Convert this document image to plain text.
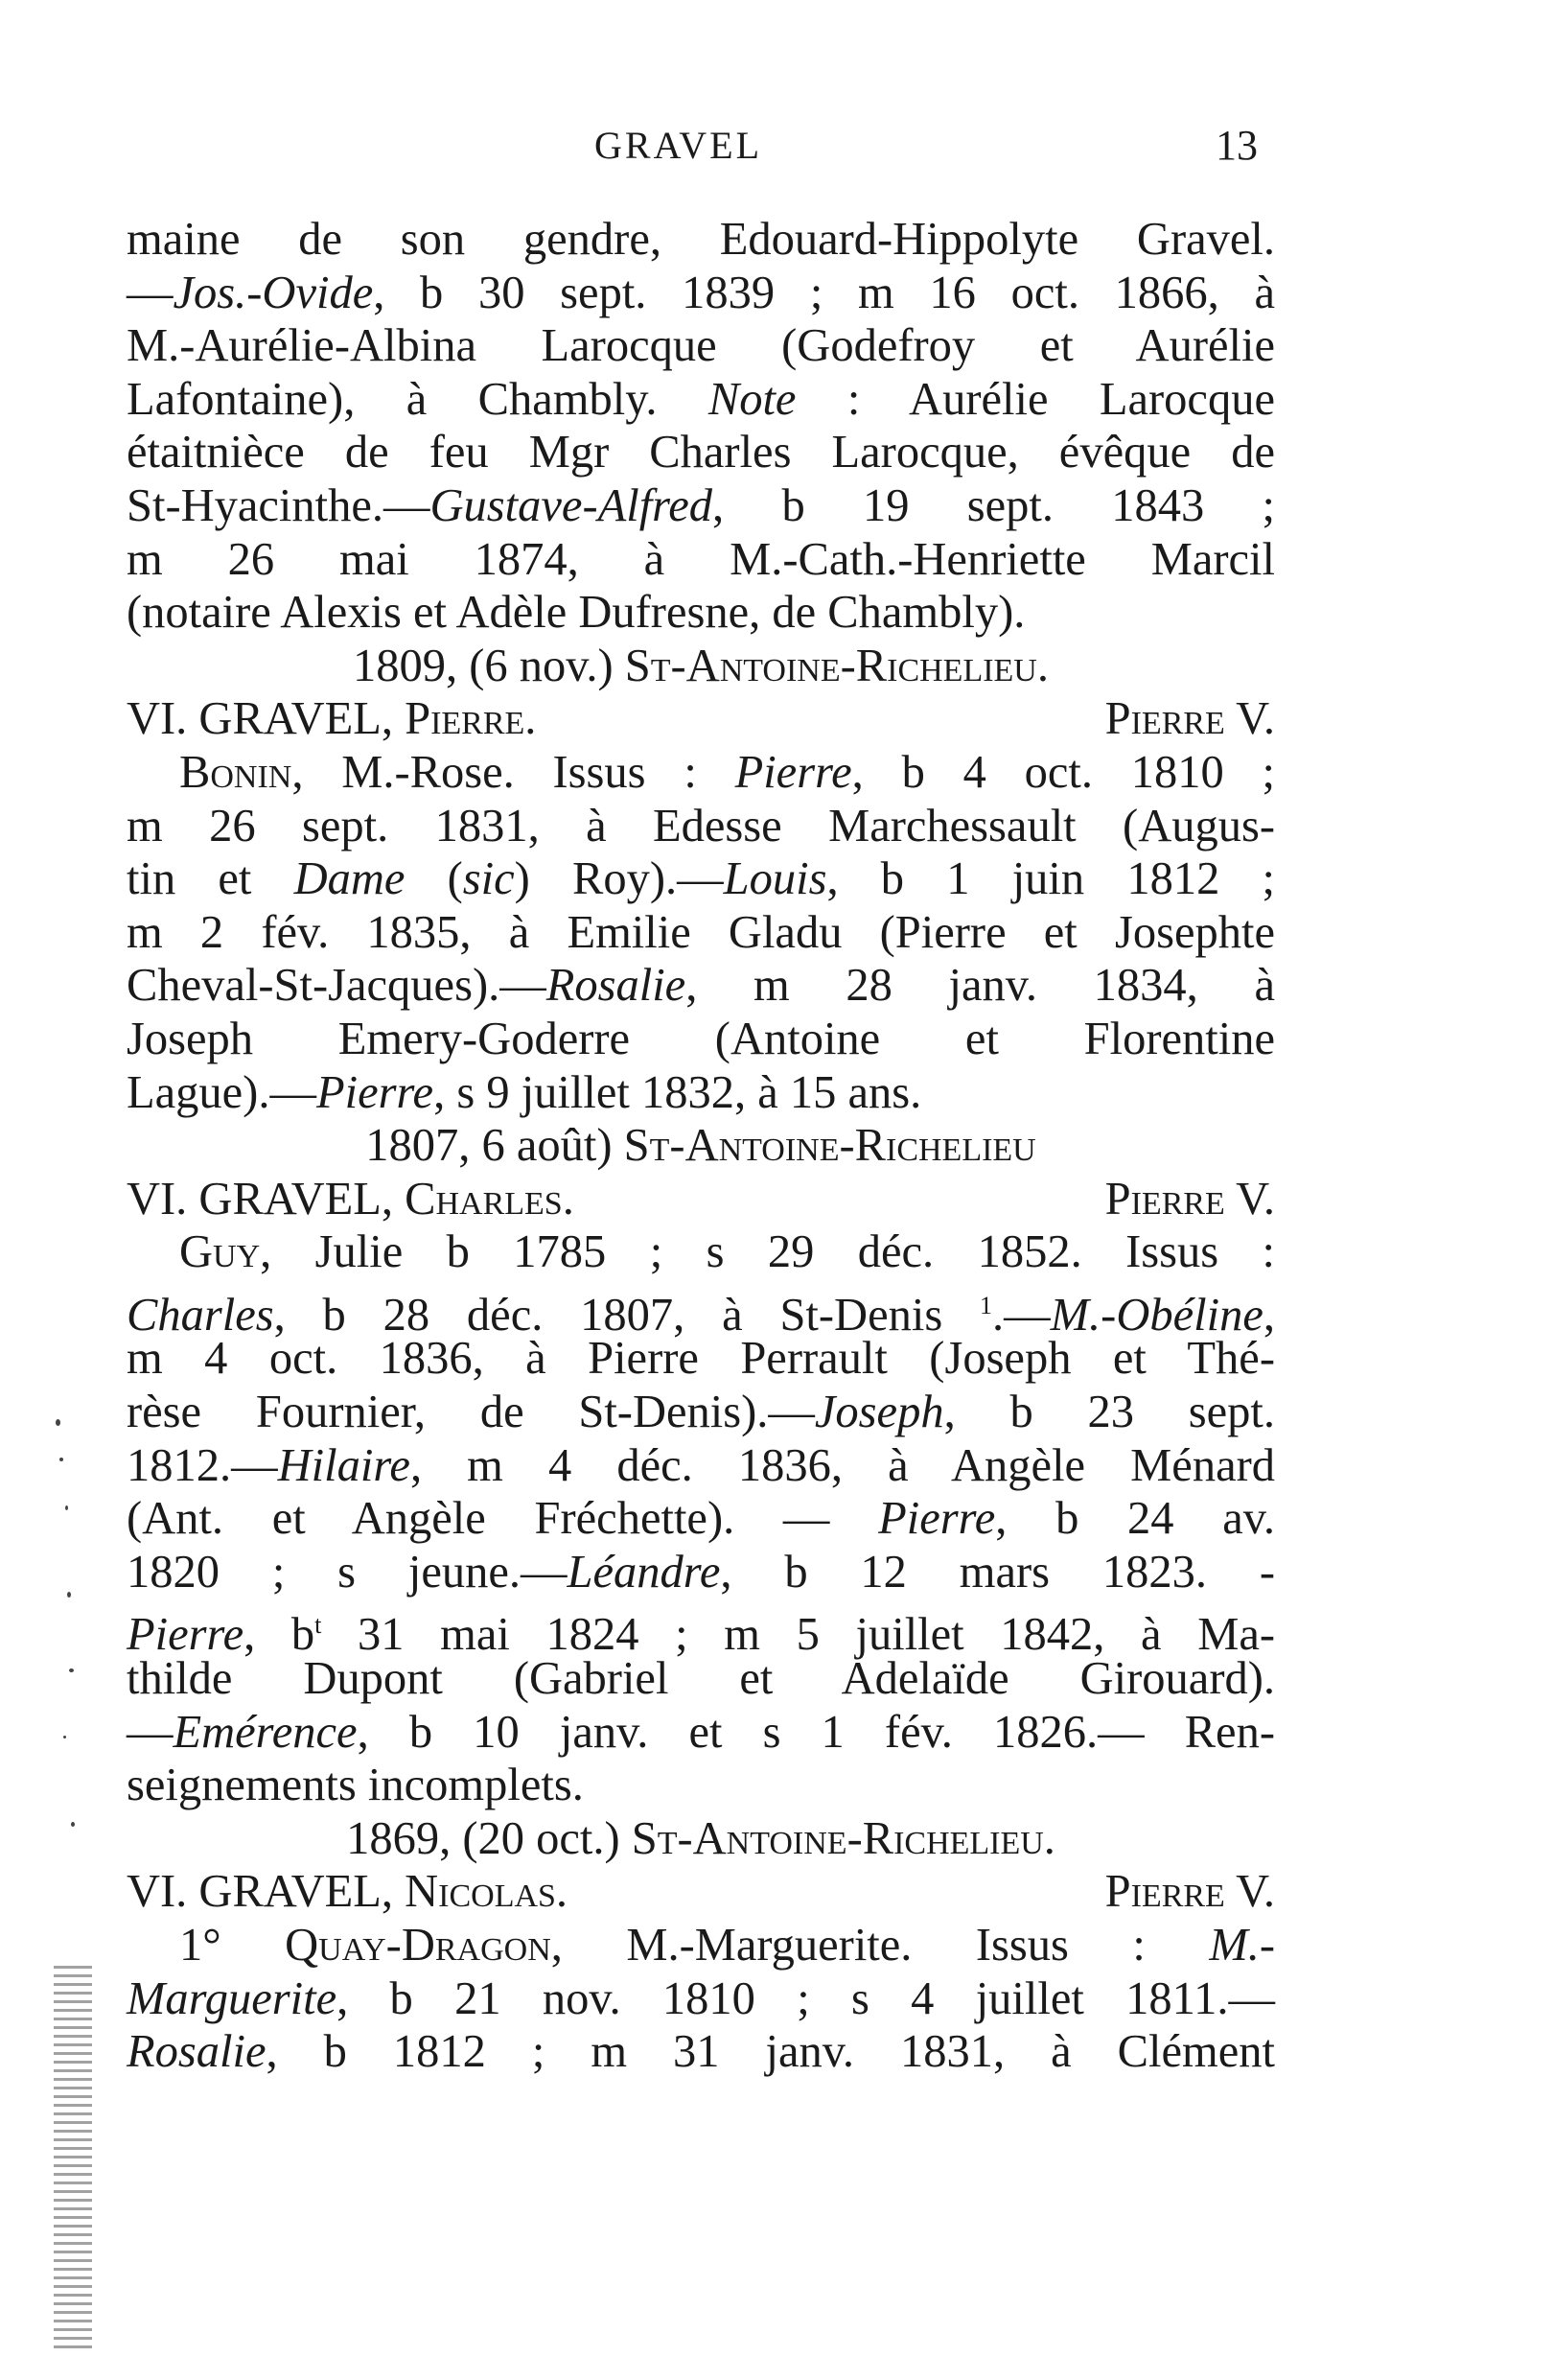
GRAVEL	13
maine de son gendre, Edouard-Hippolyte Gravel.
—Jos.-Ovide, b 30 sept. 1839 ; m 16 oct. 1866, à
M.-Aurélie-Albina Larocque (Godefroy et Aurélie
Lafontaine), à Chambly. Note : Aurélie Larocque
étaitnièce de feu Mgr Charles Larocque, évêque de
St-Hyacinthe.—Gustave-Alfred, b 19 sept. 1843 ;
m 26 mai 1874, à M.-Cath.-Henriette Marcil
(notaire Alexis et Adèle Dufresne, de Chambly).
1809, (6 nov.) St-Antoine-Richelieu.
VI. GRAVEL, Pierre.	Pierre V.
Bonin, M.-Rose. Issus : Pierre, b 4 oct. 1810 ;
m 26 sept. 1831, à Edesse Marchessault (Augus-
tin et Dame (sic) Roy).—Louis, b 1 juin 1812 ;
m 2 fév. 1835, à Emilie Gladu (Pierre et Josephte
Cheval-St-Jacques).—Rosalie, m 28 janv. 1834, à
Joseph Emery-Goderre (Antoine et Florentine
Lague).—Pierre, s 9 juillet 1832, à 15 ans.
1807, 6 août) St-Antoine-Richelieu
VI. GRAVEL, Charles.	Pierre V.
Guy, Julie b 1785 ; s 29 déc. 1852. Issus :
Charles, b 28 déc. 1807, à St-Denis $^1$.—M.-Obéline,
m 4 oct. 1836, à Pierre Perrault (Joseph et Thé-
rèse Fournier, de St-Denis).—Joseph, b 23 sept.
1812.—Hilaire, m 4 déc. 1836, à Angèle Ménard
(Ant. et Angèle Fréchette). — Pierre, b 24 av.
1820 ; s jeune.—Léandre, b 12 mars 1823. -
Pierre, $b^t$ 31 mai 1824 ; m 5 juillet 1842, à Ma-
thilde Dupont (Gabriel et Adelaïde Girouard).
—Emérence, b 10 janv. et s 1 fév. 1826.— Ren-
seignements incomplets.
1869, (20 oct.) St-Antoine-Richelieu.
VI. GRAVEL, Nicolas.	Pierre V.
1° Quay-Dragon, M.-Marguerite. Issus : M.-
Marguerite, b 21 nov. 1810 ; s 4 juillet 1811.—
Rosalie, b 1812 ; m 31 janv. 1831, à Clément
